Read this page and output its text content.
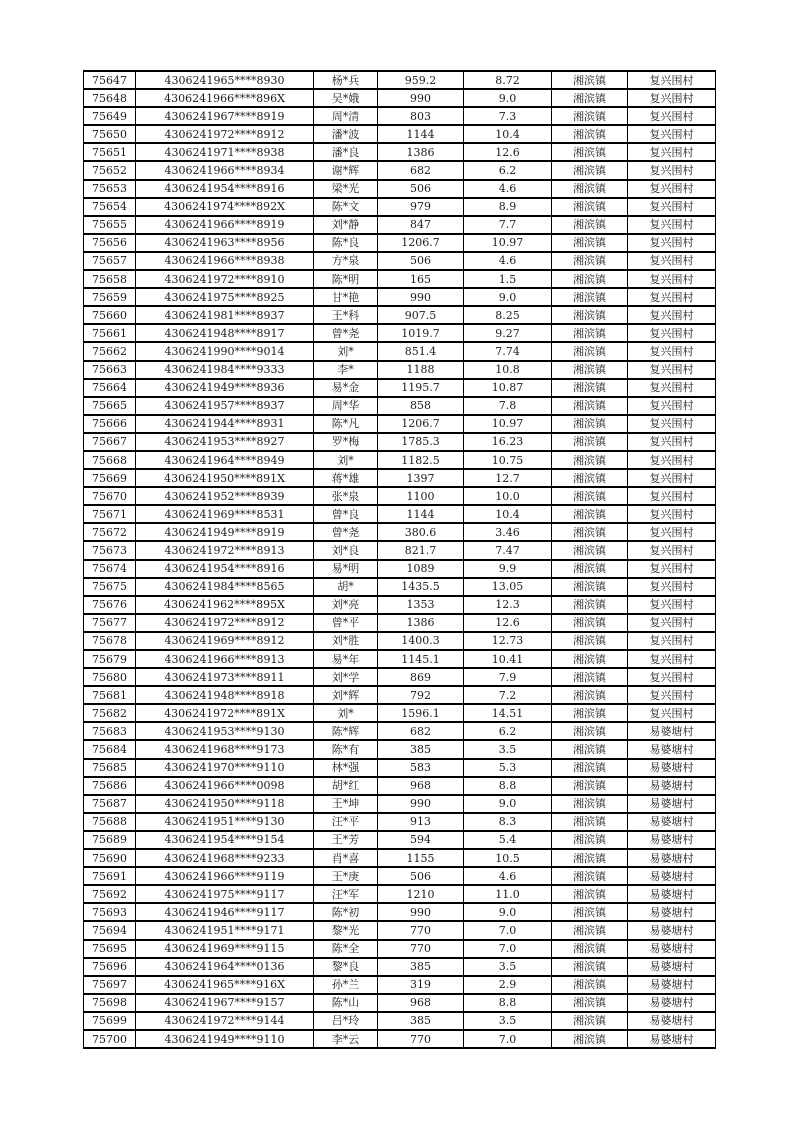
75647	4306241965****8930	杨*兵	959.2	8.72	湘滨镇	复兴围村
75648	4306241966****896X	吴*娥	990	9.0	湘滨镇	复兴围村
75649	4306241967****8919	周*清	803	7.3	湘滨镇	复兴围村
75650	4306241972****8912	潘*波	1144	10.4	湘滨镇	复兴围村
75651	4306241971****8938	潘*良	1386	12.6	湘滨镇	复兴围村
75652	4306241966****8934	谢*辉	682	6.2	湘滨镇	复兴围村
75653	4306241954****8916	梁*光	506	4.6	湘滨镇	复兴围村
75654	4306241974****892X	陈*文	979	8.9	湘滨镇	复兴围村
75655	4306241966****8919	刘*静	847	7.7	湘滨镇	复兴围村
75656	4306241963****8956	陈*良	1206.7	10.97	湘滨镇	复兴围村
75657	4306241966****8938	方*泉	506	4.6	湘滨镇	复兴围村
75658	4306241972****8910	陈*明	165	1.5	湘滨镇	复兴围村
75659	4306241975****8925	甘*艳	990	9.0	湘滨镇	复兴围村
75660	4306241981****8937	王*科	907.5	8.25	湘滨镇	复兴围村
75661	4306241948****8917	曾*尧	1019.7	9.27	湘滨镇	复兴围村
75662	4306241990****9014	刘*	851.4	7.74	湘滨镇	复兴围村
75663	4306241984****9333	李*	1188	10.8	湘滨镇	复兴围村
75664	4306241949****8936	易*金	1195.7	10.87	湘滨镇	复兴围村
75665	4306241957****8937	周*华	858	7.8	湘滨镇	复兴围村
75666	4306241944****8931	陈*凡	1206.7	10.97	湘滨镇	复兴围村
75667	4306241953****8927	罗*梅	1785.3	16.23	湘滨镇	复兴围村
75668	4306241964****8949	刘*	1182.5	10.75	湘滨镇	复兴围村
75669	4306241950****891X	蒋*雄	1397	12.7	湘滨镇	复兴围村
75670	4306241952****8939	张*泉	1100	10.0	湘滨镇	复兴围村
75671	4306241969****8531	曾*良	1144	10.4	湘滨镇	复兴围村
75672	4306241949****8919	曾*尧	380.6	3.46	湘滨镇	复兴围村
75673	4306241972****8913	刘*良	821.7	7.47	湘滨镇	复兴围村
75674	4306241954****8916	易*明	1089	9.9	湘滨镇	复兴围村
75675	4306241984****8565	胡*	1435.5	13.05	湘滨镇	复兴围村
75676	4306241962****895X	刘*亮	1353	12.3	湘滨镇	复兴围村
75677	4306241972****8912	曾*平	1386	12.6	湘滨镇	复兴围村
75678	4306241969****8912	刘*胜	1400.3	12.73	湘滨镇	复兴围村
75679	4306241966****8913	易*年	1145.1	10.41	湘滨镇	复兴围村
75680	4306241973****8911	刘*学	869	7.9	湘滨镇	复兴围村
75681	4306241948****8918	刘*辉	792	7.2	湘滨镇	复兴围村
75682	4306241972****891X	刘*	1596.1	14.51	湘滨镇	复兴围村
75683	4306241953****9130	陈*辉	682	6.2	湘滨镇	易婆塘村
75684	4306241968****9173	陈*有	385	3.5	湘滨镇	易婆塘村
75685	4306241970****9110	林*强	583	5.3	湘滨镇	易婆塘村
75686	4306241966****0098	胡*红	968	8.8	湘滨镇	易婆塘村
75687	4306241950****9118	王*坤	990	9.0	湘滨镇	易婆塘村
75688	4306241951****9130	汪*平	913	8.3	湘滨镇	易婆塘村
75689	4306241954****9154	王*芳	594	5.4	湘滨镇	易婆塘村
75690	4306241968****9233	肖*喜	1155	10.5	湘滨镇	易婆塘村
75691	4306241966****9119	王*庚	506	4.6	湘滨镇	易婆塘村
75692	4306241975****9117	汪*军	1210	11.0	湘滨镇	易婆塘村
75693	4306241946****9117	陈*初	990	9.0	湘滨镇	易婆塘村
75694	4306241951****9171	黎*光	770	7.0	湘滨镇	易婆塘村
75695	4306241969****9115	陈*全	770	7.0	湘滨镇	易婆塘村
75696	4306241964****0136	黎*良	385	3.5	湘滨镇	易婆塘村
75697	4306241965****916X	孙*兰	319	2.9	湘滨镇	易婆塘村
75698	4306241967****9157	陈*山	968	8.8	湘滨镇	易婆塘村
75699	4306241972****9144	吕*玲	385	3.5	湘滨镇	易婆塘村
75700	4306241949****9110	李*云	770	7.0	湘滨镇	易婆塘村
